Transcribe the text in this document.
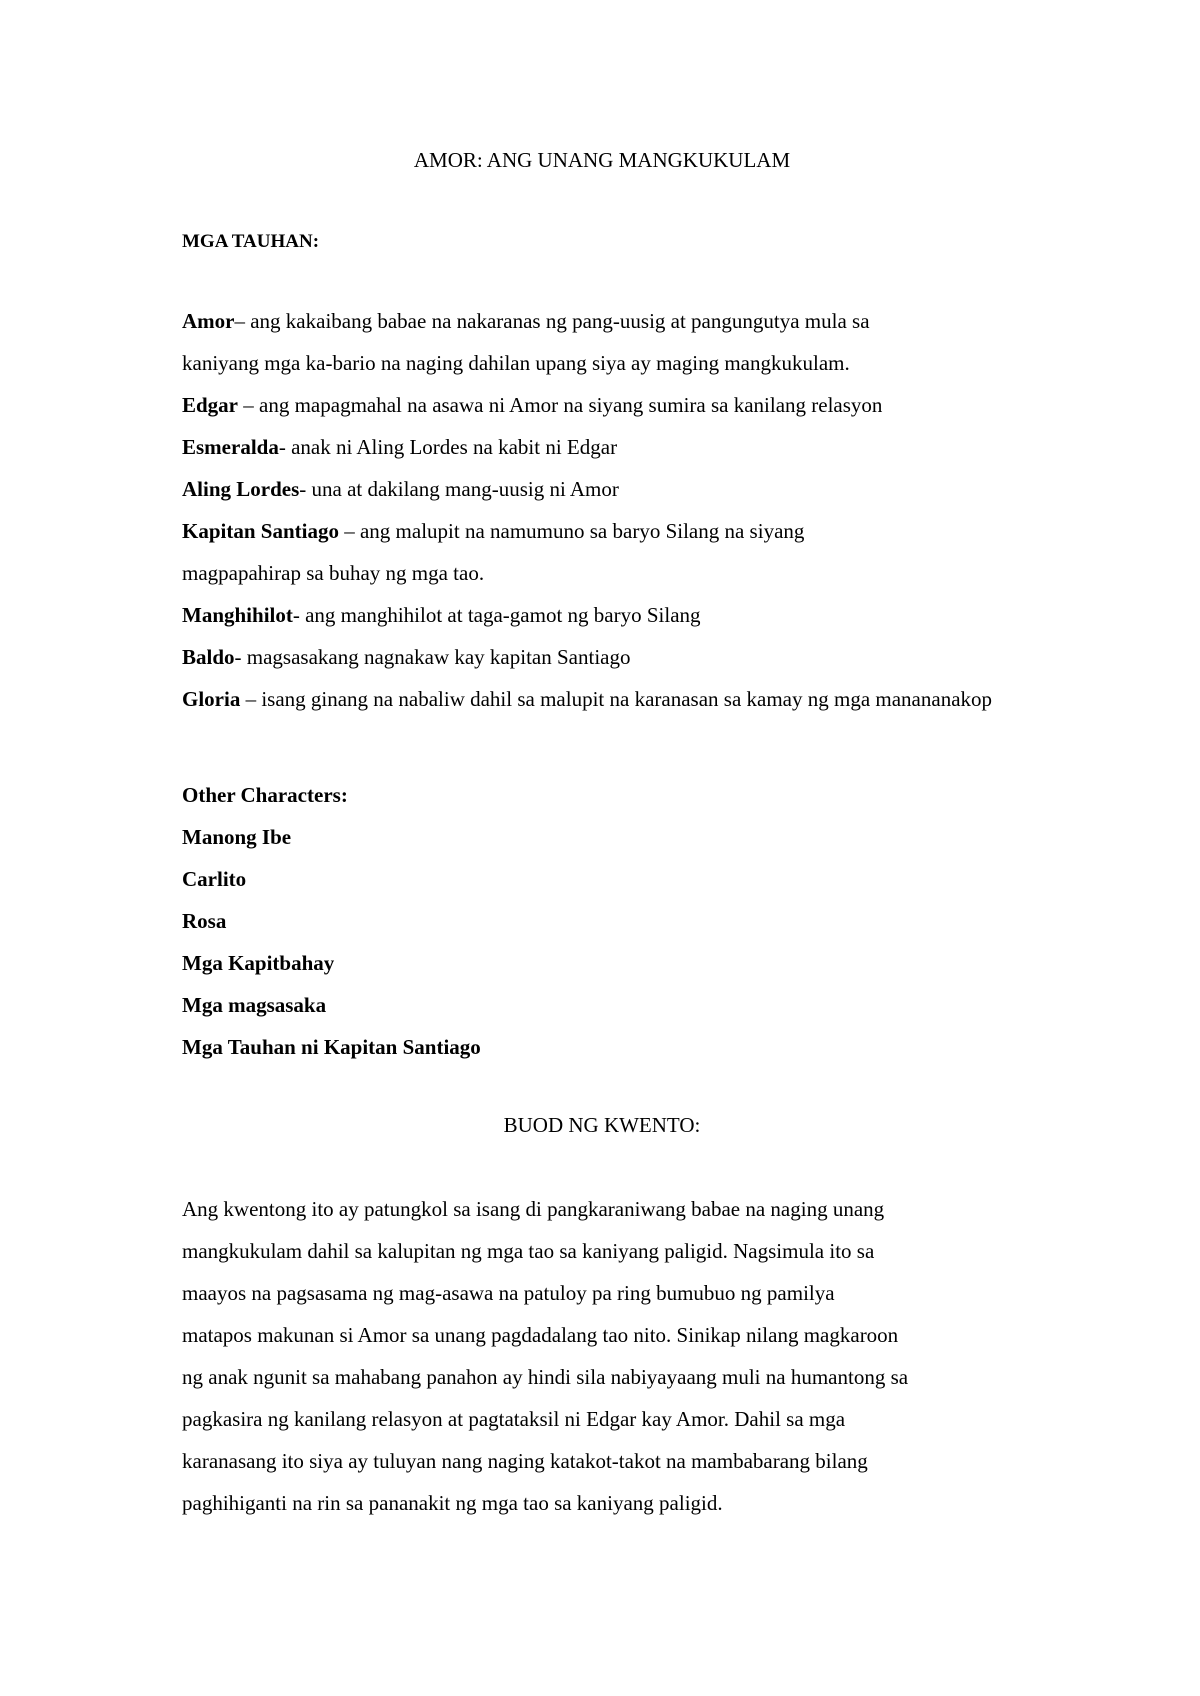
AMOR: ANG UNANG MANGKUKULAM
MGA TAUHAN:
Amor– ang kakaibang babae na nakaranas ng pang-uusig at pangungutya mula sa
kaniyang mga ka-bario na naging dahilan upang siya ay maging mangkukulam.
Edgar – ang mapagmahal na asawa ni Amor na siyang sumira sa kanilang relasyon
Esmeralda- anak ni Aling Lordes na kabit ni Edgar
Aling Lordes- una at dakilang mang-uusig ni Amor
Kapitan Santiago – ang malupit na namumuno sa baryo Silang na siyang
magpapahirap sa buhay ng mga tao.
Manghihilot- ang manghihilot at taga-gamot ng baryo Silang
Baldo- magsasakang nagnakaw kay kapitan Santiago
Gloria – isang ginang na nabaliw dahil sa malupit na karanasan sa kamay ng mga manananakop
Other Characters:
Manong Ibe
Carlito
Rosa
Mga Kapitbahay
Mga magsasaka
Mga Tauhan ni Kapitan Santiago
BUOD NG KWENTO:
Ang kwentong ito ay patungkol sa isang di pangkaraniwang babae na naging unang
mangkukulam dahil sa kalupitan ng mga tao sa kaniyang paligid. Nagsimula ito sa
maayos na pagsasama ng mag-asawa na patuloy pa ring bumubuo ng pamilya
matapos makunan si Amor sa unang pagdadalang tao nito. Sinikap nilang magkaroon
ng anak ngunit sa mahabang panahon ay hindi sila nabiyayaang muli na humantong sa
pagkasira ng kanilang relasyon at pagtataksil ni Edgar kay Amor. Dahil sa mga
karanasang ito siya ay tuluyan nang naging katakot-takot na mambabarang bilang
paghihiganti na rin sa pananakit ng mga tao sa kaniyang paligid.
